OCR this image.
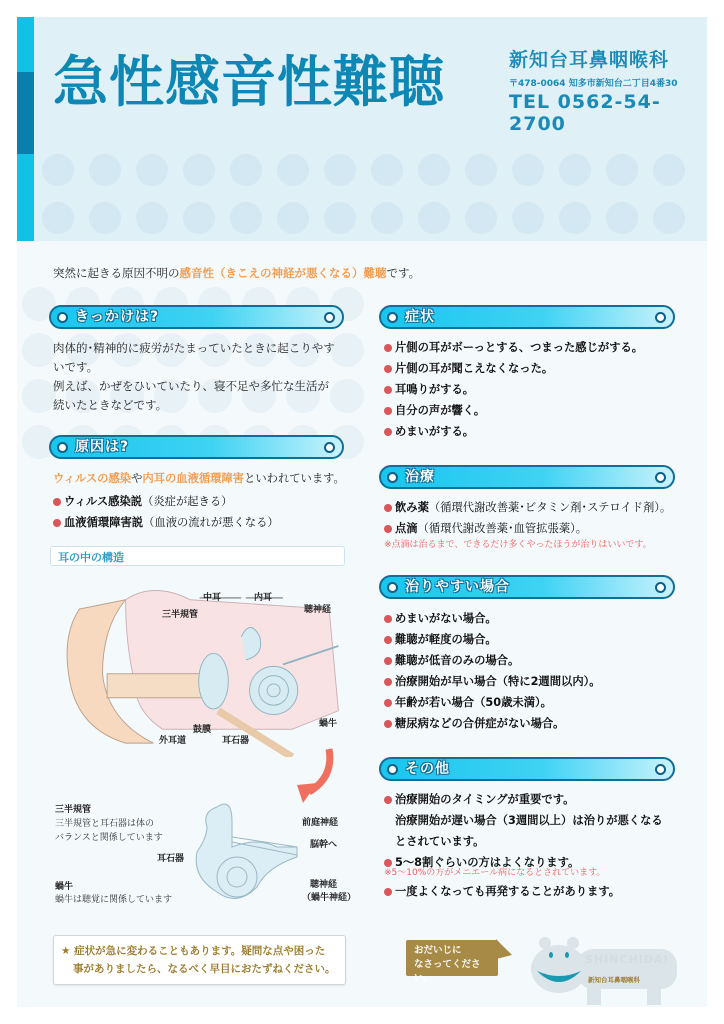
急性感音性難聴	新知台耳鼻咽喉科
〒478-0064 知多市新知台二丁目4番30
TEL 0562-54-2700
突然に起きる原因不明の感音性（きこえの神経が悪くなる）難聴です。
きっかけは?
肉体的･精神的に疲労がたまっていたときに起こりやす
いです。
例えば、かぜをひいていたり、寝不足や多忙な生活が
続いたときなどです。
原因は?
ウィルスの感染や内耳の血液循環障害といわれています。
ウィルス感染説（炎症が起きる）
血液循環障害説（血液の流れが悪くなる）
耳の中の構造
中耳	内耳
三半規管	聴神経
鼓膜
外耳道	耳石器
蝸牛
三半規管
三半規管と耳石器は体の
バランスと関係しています
耳石器
蝸牛
蝸牛は聴覚に関係しています
前庭神経
脳幹へ
聴神経
（蝸牛神経）
症状
片側の耳がボーっとする、つまった感じがする。
片側の耳が聞こえなくなった。
耳鳴りがする。
自分の声が響く。
めまいがする。
治療
飲み薬（循環代謝改善薬･ビタミン剤･ステロイド剤）。
点滴（循環代謝改善薬･血管拡張薬）。
※点滴は治るまで、できるだけ多くやったほうが治りはいいです。
治りやすい場合
めまいがない場合。
難聴が軽度の場合。
難聴が低音のみの場合。
治療開始が早い場合（特に2週間以内）。
年齢が若い場合（50歳未満）。
糖尿病などの合併症がない場合。
その他
治療開始のタイミングが重要です。
治療開始が遅い場合（3週間以上）は治りが悪くなる
とされています。
5～8割ぐらいの方はよくなります。
※5～10%の方がメニエール病になるとされています。
一度よくなっても再発することがあります。

★ 症状が急に変わることもあります。疑問な点や困った

事がありましたら、なるべく早目におたずねください。

おだいじに
なさってください。
SHINCHIDAI
新知台耳鼻咽喉科
